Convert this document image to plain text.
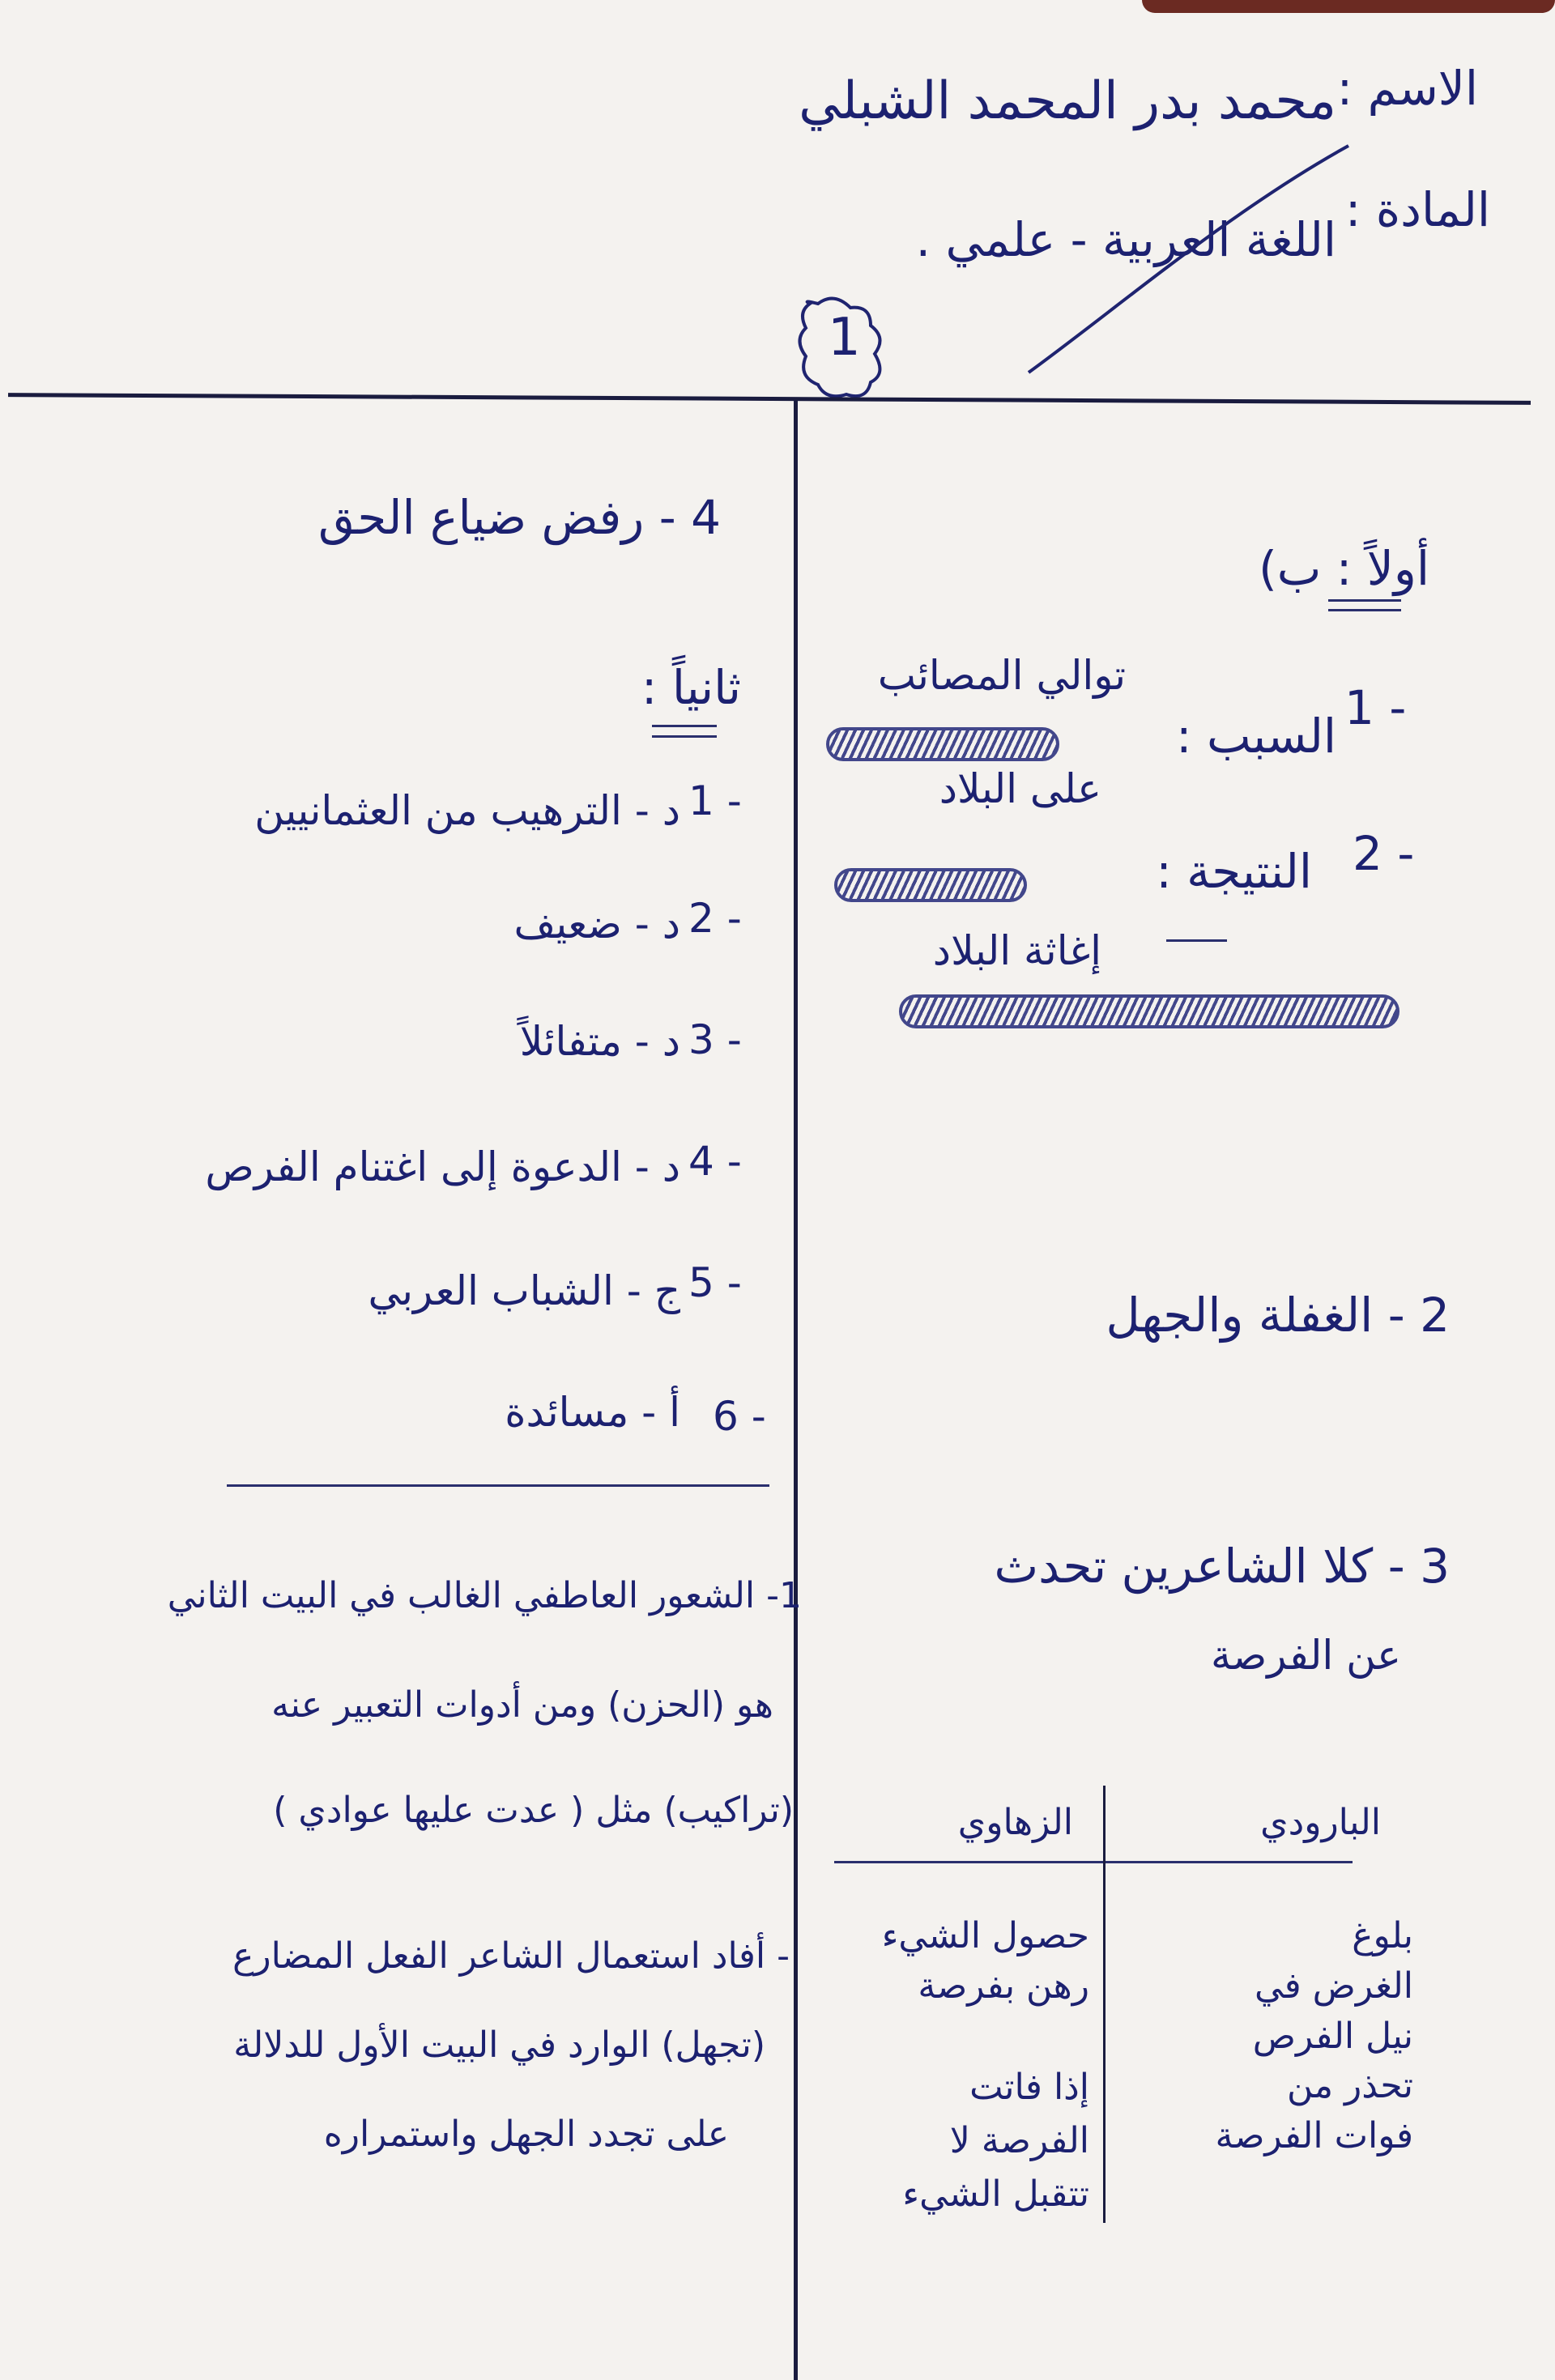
الاسم :
محمد بدر المحمد الشبلي
المادة :
اللغة العربية - علمي .
1
أولاً : ب)
1 -
السبب :
توالي المصائب
على البلاد
2 -
النتيجة :
إغاثة البلاد
2 - الغفلة والجهل
3 - كلا الشاعرين تحدث
عن الفرصة
البارودي
الزهاوي
بلوغ الغرض في نيل الفرص
حصول الشيء رهن بفرصة
تحذر من فوات الفرصة
إذا فاتت الفرصة لا تتقبل الشيء
4 - رفض ضياع الحق
ثانياً :
1 -
د - الترهيب من العثمانيين
2 -
د - ضعيف
3 -
د - متفائلاً
4 -
د - الدعوة إلى اغتنام الفرص
5 -
ج - الشباب العربي
6 -
أ - مسائدة
1- الشعور العاطفي الغالب في البيت الثاني
هو (الحزن) ومن أدوات التعبير عنه
(تراكيب) مثل ( عدت عليها عوادي )
- أفاد استعمال الشاعر الفعل المضارع
(تجهل) الوارد في البيت الأول للدلالة
على تجدد الجهل واستمراره
